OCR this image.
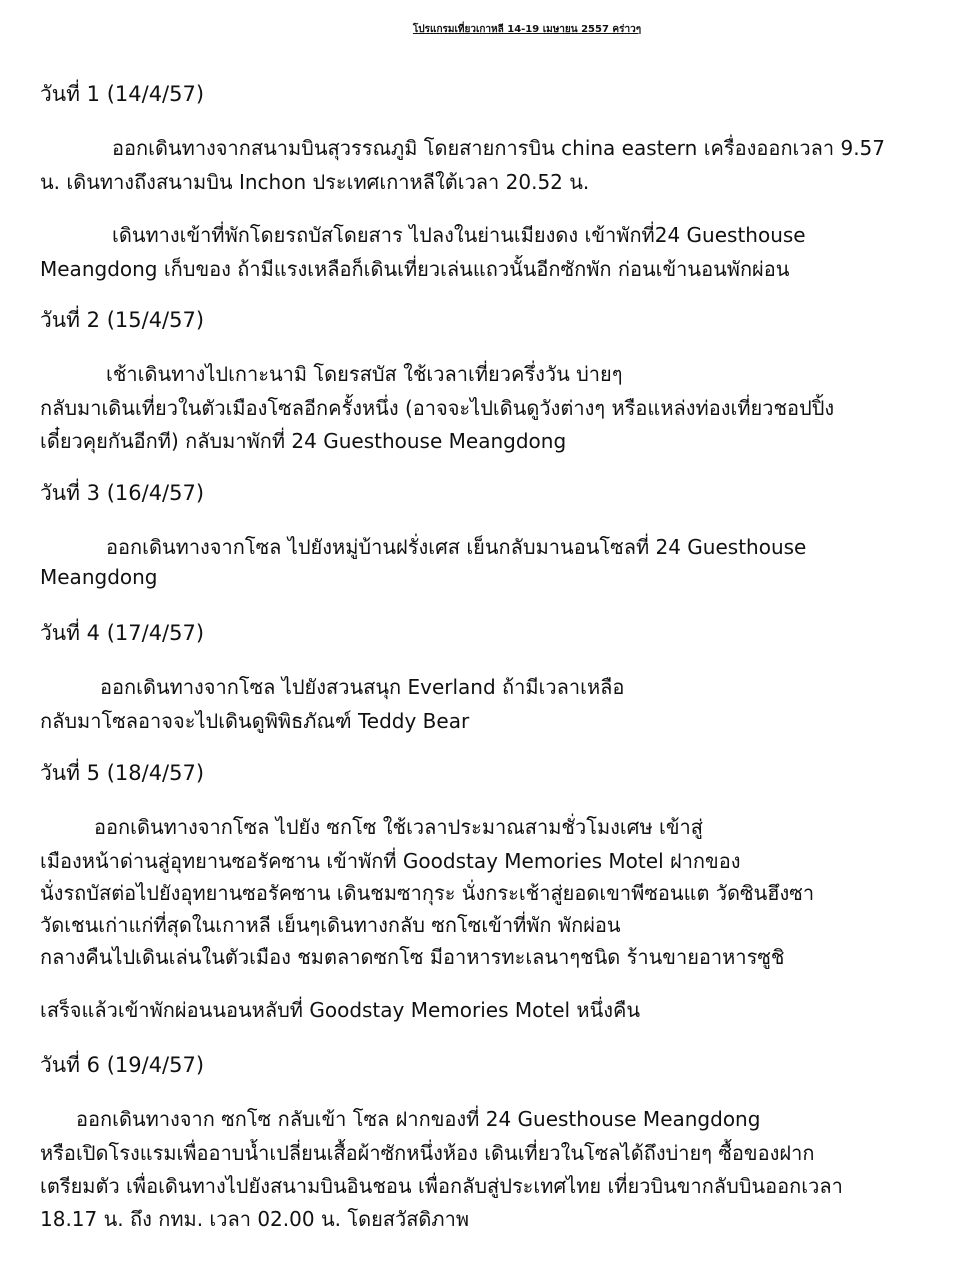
โปรแกรมเที่ยวเกาหลี 14-19 เมษายน 2557 คร่าวๆ
วันที่ 1 (14/4/57)
ออกเดินทางจากสนามบินสุวรรณภูมิ โดยสายการบิน china eastern เครื่องออกเวลา 9.57
น. เดินทางถึงสนามบิน Inchon ประเทศเกาหลีใต้เวลา 20.52 น.
เดินทางเข้าที่พักโดยรถบัสโดยสาร ไปลงในย่านเมียงดง เข้าพักที่24 Guesthouse
Meangdong เก็บของ ถ้ามีแรงเหลือก็เดินเที่ยวเล่นแถวนั้นอีกซักพัก ก่อนเข้านอนพักผ่อน
วันที่ 2 (15/4/57)
เช้าเดินทางไปเกาะนามิ โดยรสบัส ใช้เวลาเที่ยวครึ่งวัน บ่ายๆ
กลับมาเดินเที่ยวในตัวเมืองโซลอีกครั้งหนึ่ง (อาจจะไปเดินดูวังต่างๆ หรือแหล่งท่องเที่ยวชอปปิ้ง
เดี๋ยวคุยกันอีกที) กลับมาพักที่ 24 Guesthouse Meangdong
วันที่ 3 (16/4/57)
ออกเดินทางจากโซล ไปยังหมู่บ้านฝรั่งเศส เย็นกลับมานอนโซลที่ 24 Guesthouse
Meangdong
วันที่ 4 (17/4/57)
ออกเดินทางจากโซล ไปยังสวนสนุก Everland ถ้ามีเวลาเหลือ
กลับมาโซลอาจจะไปเดินดูพิพิธภัณฑ์ Teddy Bear
วันที่ 5 (18/4/57)
ออกเดินทางจากโซล ไปยัง ซกโซ ใช้เวลาประมาณสามชั่วโมงเศษ เข้าสู่
เมืองหน้าด่านสู่อุทยานซอรัคซาน เข้าพักที่ Goodstay Memories Motel ฝากของ
นั่งรถบัสต่อไปยังอุทยานซอรัคซาน เดินชมซากุระ นั่งกระเช้าสู่ยอดเขาพีซอนแต วัดซินฮึงซา
วัดเชนเก่าแก่ที่สุดในเกาหลี เย็นๆเดินทางกลับ ซกโซเข้าที่พัก พักผ่อน
กลางคืนไปเดินเล่นในตัวเมือง ชมตลาดซกโซ มีอาหารทะเลนาๆชนิด ร้านขายอาหารซูชิ
เสร็จแล้วเข้าพักผ่อนนอนหลับที่ Goodstay Memories Motel หนึ่งคืน
วันที่ 6 (19/4/57)
ออกเดินทางจาก ซกโซ กลับเข้า โซล ฝากของที่ 24 Guesthouse Meangdong
หรือเปิดโรงแรมเพื่ออาบน้ำเปลี่ยนเสื้อผ้าซักหนึ่งห้อง เดินเที่ยวในโซลได้ถึงบ่ายๆ ซื้อของฝาก
เตรียมตัว เพื่อเดินทางไปยังสนามบินอินชอน เพื่อกลับสู่ประเทศไทย เที่ยวบินขากลับบินออกเวลา
18.17 น. ถึง กทม. เวลา 02.00 น. โดยสวัสดิภาพ
